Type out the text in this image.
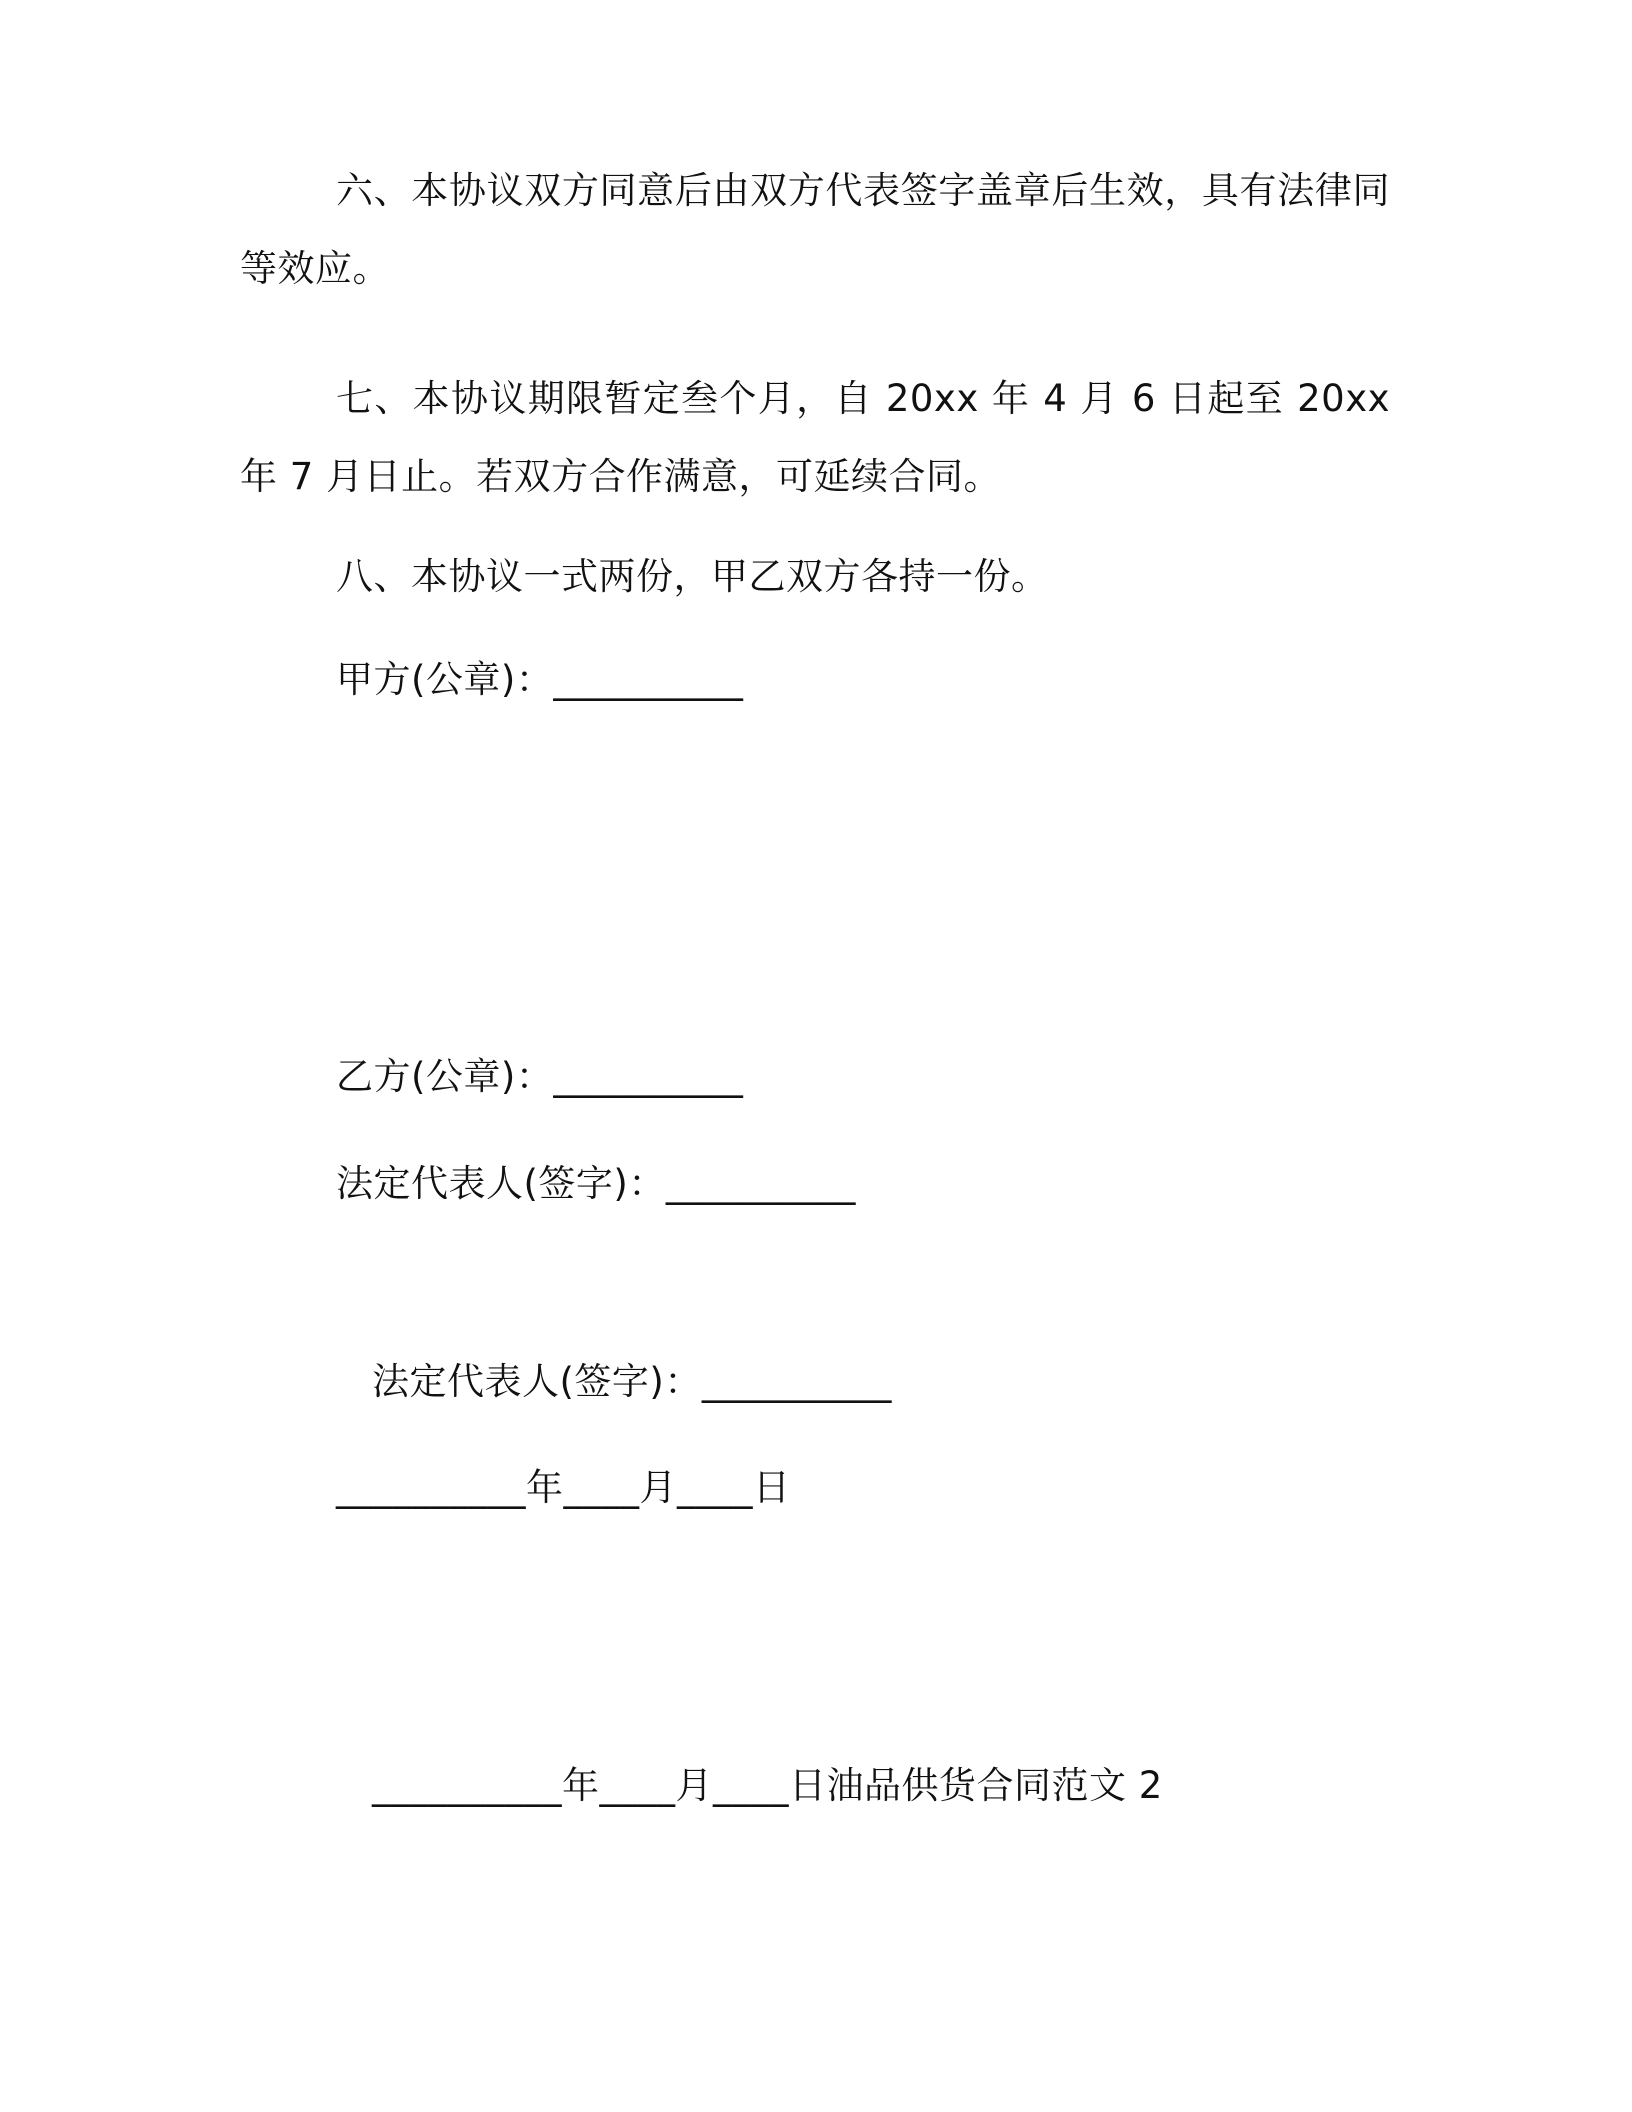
六、本协议双方同意后由双方代表签字盖章后生效，具有法律同等效应。

七、本协议期限暂定叁个月，自 20xx 年 4 月 6 日起至 20xx 年 7 月日止。若双方合作满意，可延续合同。

八、本协议一式两份，甲乙双方各持一份。
甲方(公章)：__________
乙方(公章)：__________
法定代表人(签字)：__________
法定代表人(签字)：__________
__________年____月____日
__________年____月____日油品供货合同范文 2
